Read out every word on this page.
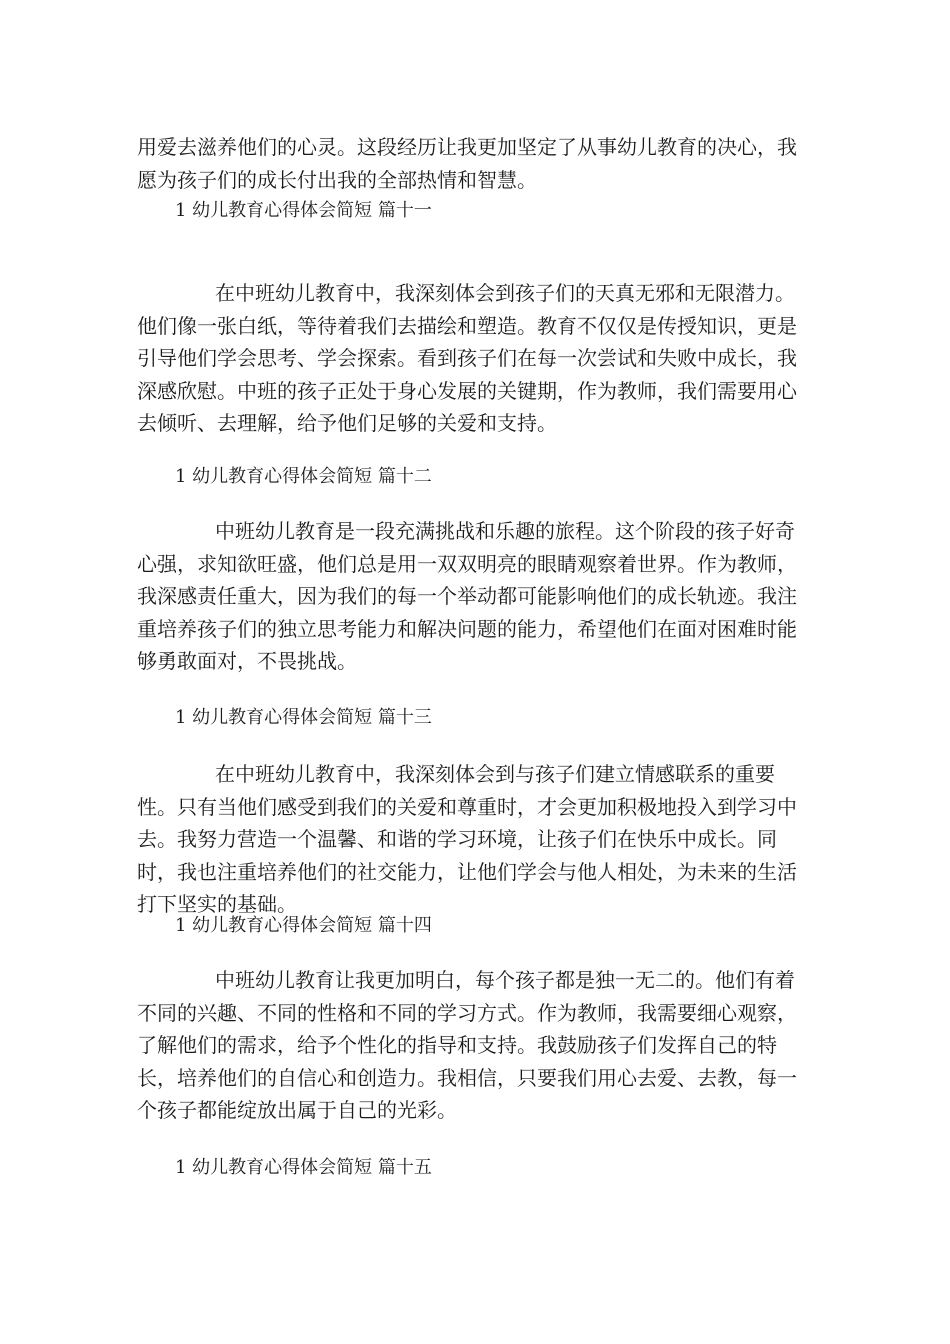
用爱去滋养他们的心灵。这段经历让我更加坚定了从事幼儿教育的决心，我愿为孩子们的成长付出我的全部热情和智慧。

1 幼儿教育心得体会简短 篇十一

在中班幼儿教育中，我深刻体会到孩子们的天真无邪和无限潜力。他们像一张白纸，等待着我们去描绘和塑造。教育不仅仅是传授知识，更是引导他们学会思考、学会探索。看到孩子们在每一次尝试和失败中成长，我深感欣慰。中班的孩子正处于身心发展的关键期，作为教师，我们需要用心去倾听、去理解，给予他们足够的关爱和支持。

1 幼儿教育心得体会简短 篇十二

中班幼儿教育是一段充满挑战和乐趣的旅程。这个阶段的孩子好奇心强，求知欲旺盛，他们总是用一双双明亮的眼睛观察着世界。作为教师，我深感责任重大，因为我们的每一个举动都可能影响他们的成长轨迹。我注重培养孩子们的独立思考能力和解决问题的能力，希望他们在面对困难时能够勇敢面对，不畏挑战。

1 幼儿教育心得体会简短 篇十三

在中班幼儿教育中，我深刻体会到与孩子们建立情感联系的重要性。只有当他们感受到我们的关爱和尊重时，才会更加积极地投入到学习中去。我努力营造一个温馨、和谐的学习环境，让孩子们在快乐中成长。同时，我也注重培养他们的社交能力，让他们学会与他人相处，为未来的生活打下坚实的基础。

1 幼儿教育心得体会简短 篇十四

中班幼儿教育让我更加明白，每个孩子都是独一无二的。他们有着不同的兴趣、不同的性格和不同的学习方式。作为教师，我需要细心观察，了解他们的需求，给予个性化的指导和支持。我鼓励孩子们发挥自己的特长，培养他们的自信心和创造力。我相信，只要我们用心去爱、去教，每一个孩子都能绽放出属于自己的光彩。

1 幼儿教育心得体会简短 篇十五
